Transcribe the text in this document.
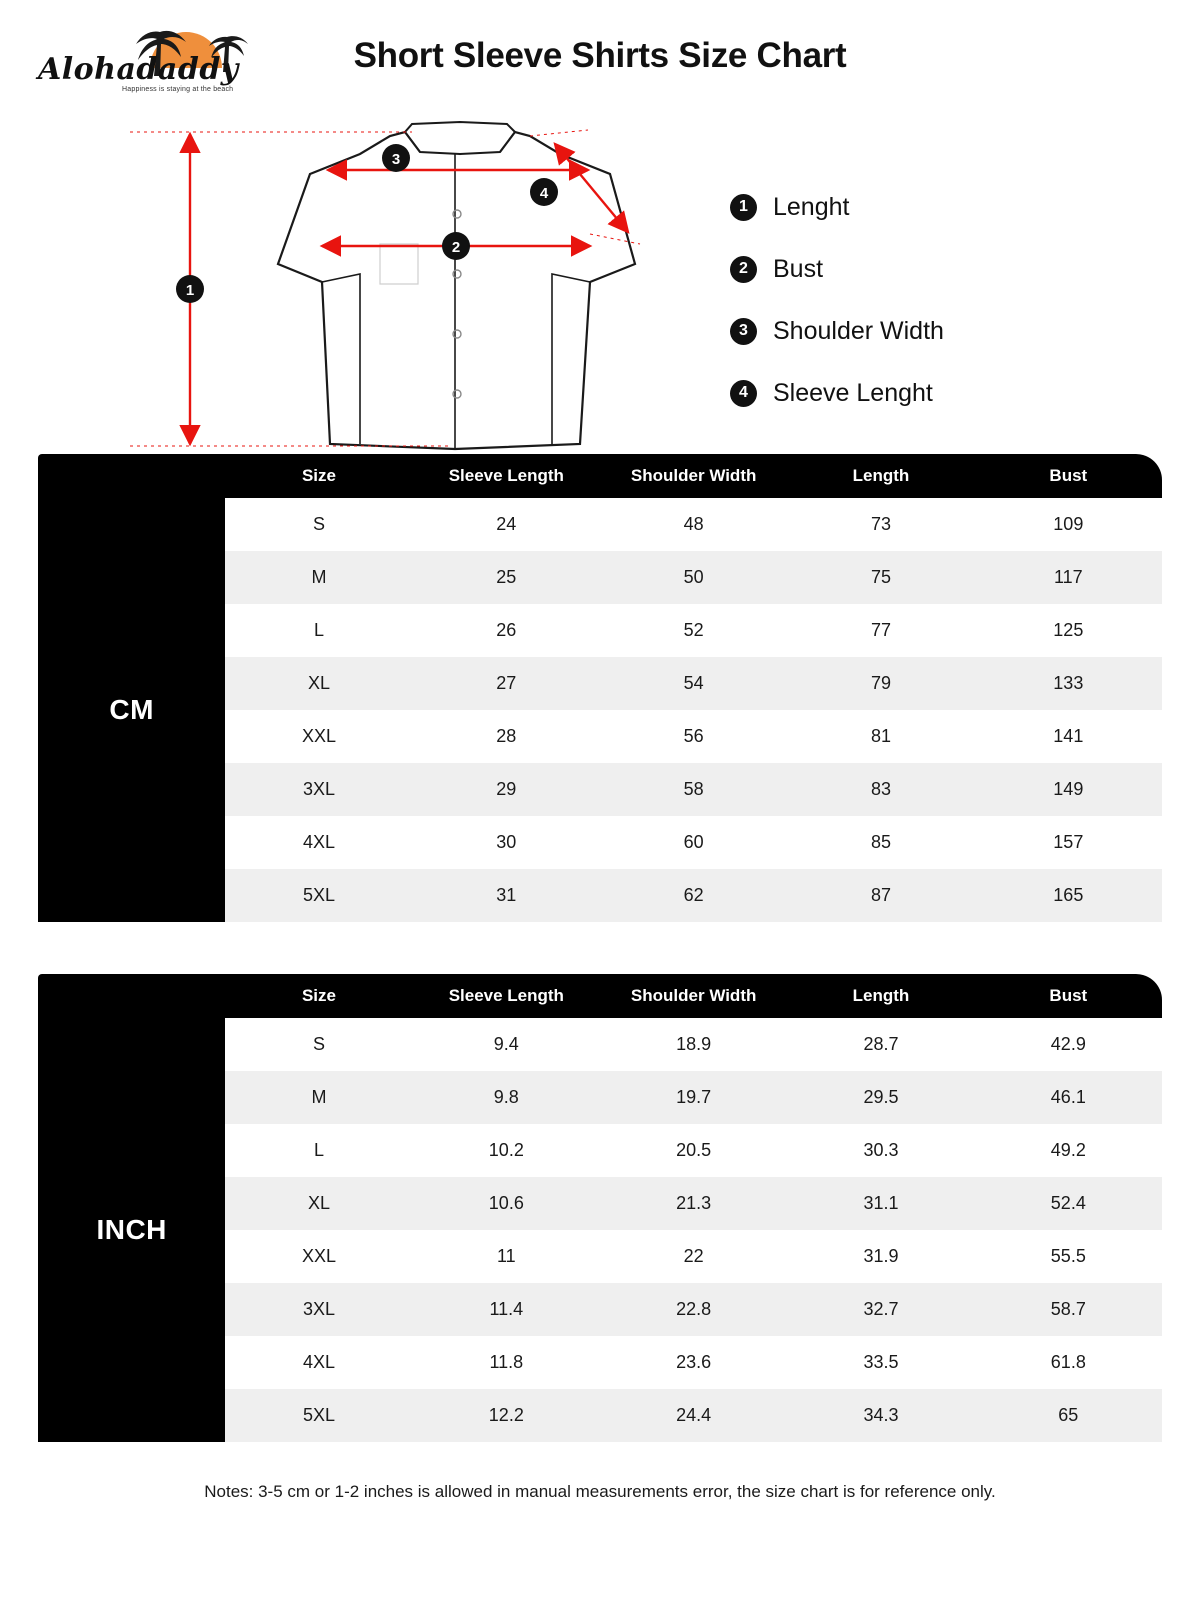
Alohadaddy
Happiness is staying at the beach
Short Sleeve Shirts Size Chart
1
2
3
4
1	Lenght
2	Bust
3	Shoulder Width
4	Sleeve Lenght
	Size	Sleeve Length	Shoulder Width	Length	Bust
CM	S	24	48	73	109
	M	25	50	75	117
	L	26	52	77	125
	XL	27	54	79	133
	XXL	28	56	81	141
	3XL	29	58	83	149
	4XL	30	60	85	157
	5XL	31	62	87	165
	Size	Sleeve Length	Shoulder Width	Length	Bust
INCH	S	9.4	18.9	28.7	42.9
	M	9.8	19.7	29.5	46.1
	L	10.2	20.5	30.3	49.2
	XL	10.6	21.3	31.1	52.4
	XXL	11	22	31.9	55.5
	3XL	11.4	22.8	32.7	58.7
	4XL	11.8	23.6	33.5	61.8
	5XL	12.2	24.4	34.3	65
Notes: 3-5 cm or 1-2 inches is allowed in manual measurements error, the size chart is for reference only.
